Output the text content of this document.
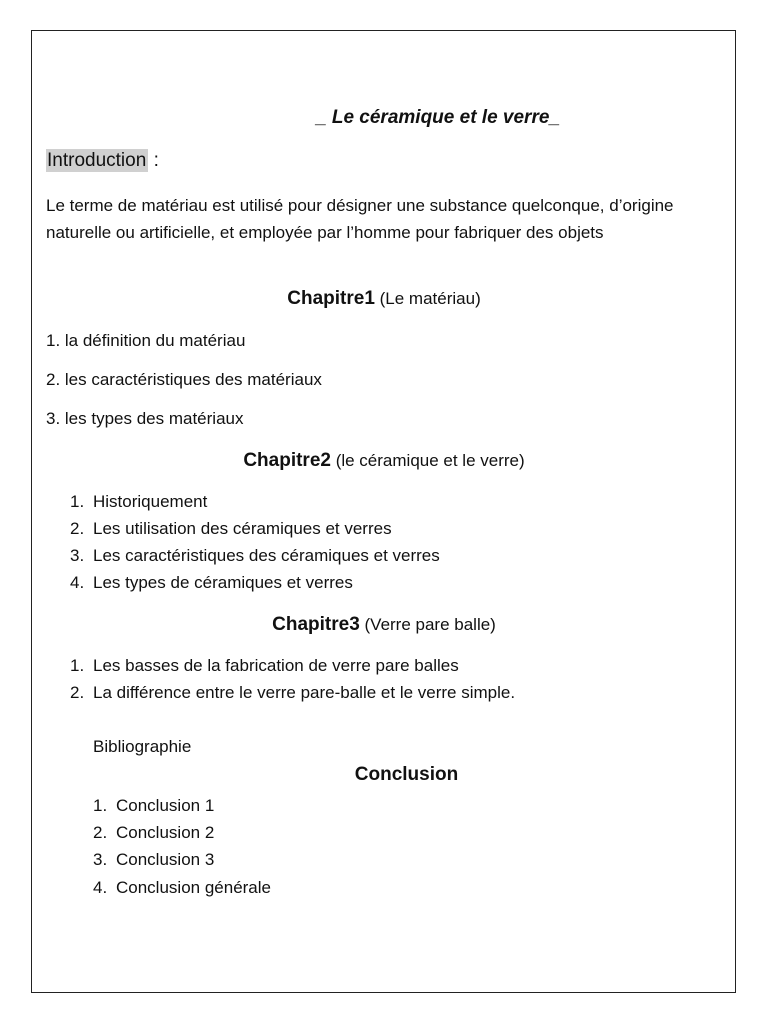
_ Le céramique et le verre_
Introduction :
Le terme de matériau est utilisé pour désigner une substance quelconque, d’origine naturelle ou artificielle, et employée par l’homme pour fabriquer des objets
Chapitre1 (Le matériau)
1. la définition du matériau
2. les caractéristiques des matériaux
3. les types des matériaux
Chapitre2 (le céramique et le verre)
1. Historiquement
2. Les utilisation des céramiques et verres
3. Les caractéristiques des céramiques et verres
4. Les types de céramiques et verres
Chapitre3 (Verre pare balle)
1. Les basses de la fabrication de verre pare balles
2. La différence entre le verre pare-balle et le verre simple.
Bibliographie
Conclusion
1. Conclusion 1
2. Conclusion 2
3. Conclusion 3
4. Conclusion générale
